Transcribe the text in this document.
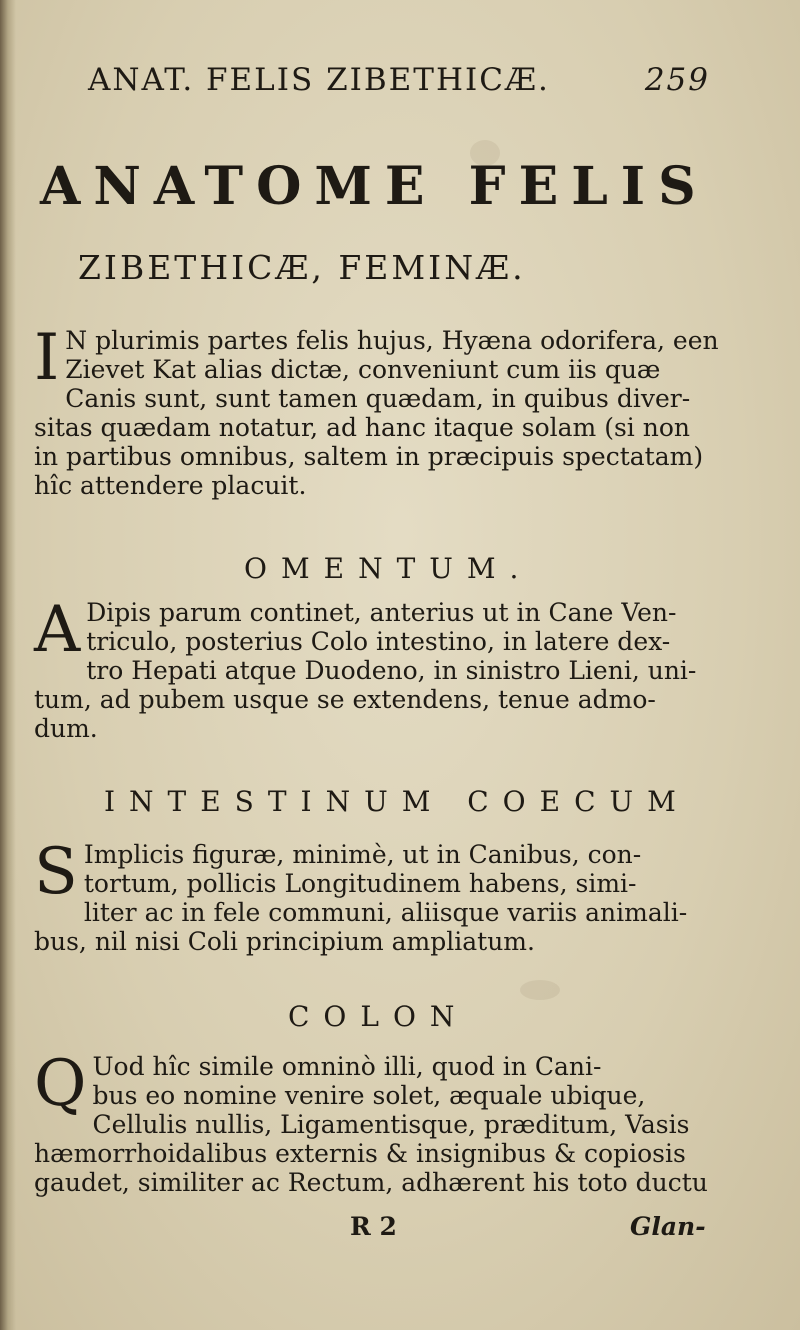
ANAT. FELIS ZIBETHICÆ.	259
ANATOME FELIS
ZIBETHICÆ, FEMINÆ.
I N plurimis partes felis hujus, Hyæna odorifera, een
Zievet Kat alias dictæ, conveniunt cum iis quæ
Canis sunt, sunt tamen quædam, in quibus diver-
sitas quædam notatur, ad hanc itaque solam (si non
in partibus omnibus, saltem in præcipuis spectatam)
hîc attendere placuit.
OMENTUM.
A Dipis parum continet, anterius ut in Cane Ven-
triculo, posterius Colo intestino, in latere dex-
tro Hepati atque Duodeno, in sinistro Lieni, uni-
tum, ad pubem usque se extendens, tenue admo-
dum.
INTESTINUM COECUM
S Implicis figuræ, minimè, ut in Canibus, con-
tortum, pollicis Longitudinem habens, simi-
liter ac in fele communi, aliisque variis animali-
bus, nil nisi Coli principium ampliatum.
COLON
Q Uod hîc simile omninò illi, quod in Cani-
bus eo nomine venire solet, æquale ubique,
Cellulis nullis, Ligamentisque, præditum, Vasis
hæmorrhoidalibus externis & insignibus & copiosis
gaudet, similiter ac Rectum, adhærent his toto ductu
R 2	Glan-
